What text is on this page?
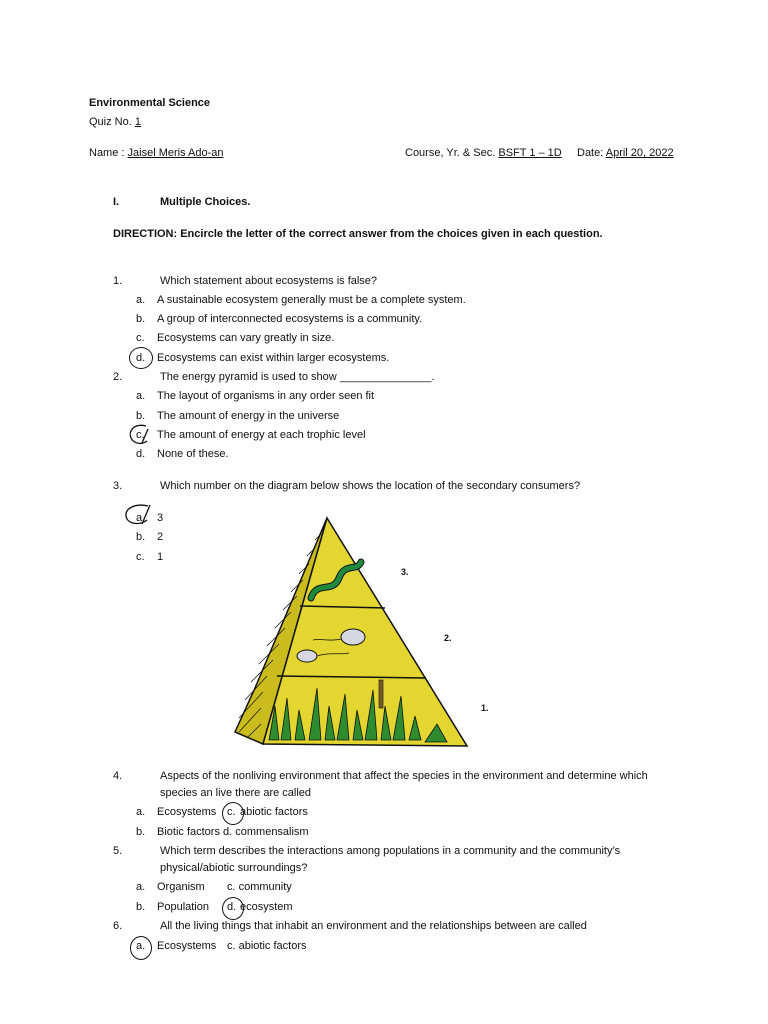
Environmental Science
Quiz No. 1
Name : Jaisel Meris Ado-an	Course, Yr. & Sec. BSFT 1 – 1D Date: April 20, 2022
I.	Multiple Choices.
DIRECTION: Encircle the letter of the correct answer from the choices given in each question.
1.	Which statement about ecosystems is false?
a. A sustainable ecosystem generally must be a complete system.
b. A group of interconnected ecosystems is a community.
c. Ecosystems can vary greatly in size.
d. Ecosystems can exist within larger ecosystems.
2.	The energy pyramid is used to show _______________.
a. The layout of organisms in any order seen fit
b. The amount of energy in the universe
c. The amount of energy at each trophic level
d. None of these.
3.	Which number on the diagram below shows the location of the secondary consumers?
a. 3
b. 2
c. 1
3.
2.
1.
4.	Aspects of the nonliving environment that affect the species in the environment and determine which
species an live there are called
a. Ecosystems c. abiotic factors
b. Biotic factors d. commensalism
5.	Which term describes the interactions among populations in a community and the community’s
physical/abiotic surroundings?
a. Organism c. community
b. Population d. ecosystem
6.	All the living things that inhabit an environment and the relationships between are called
a. Ecosystems c. abiotic factors
